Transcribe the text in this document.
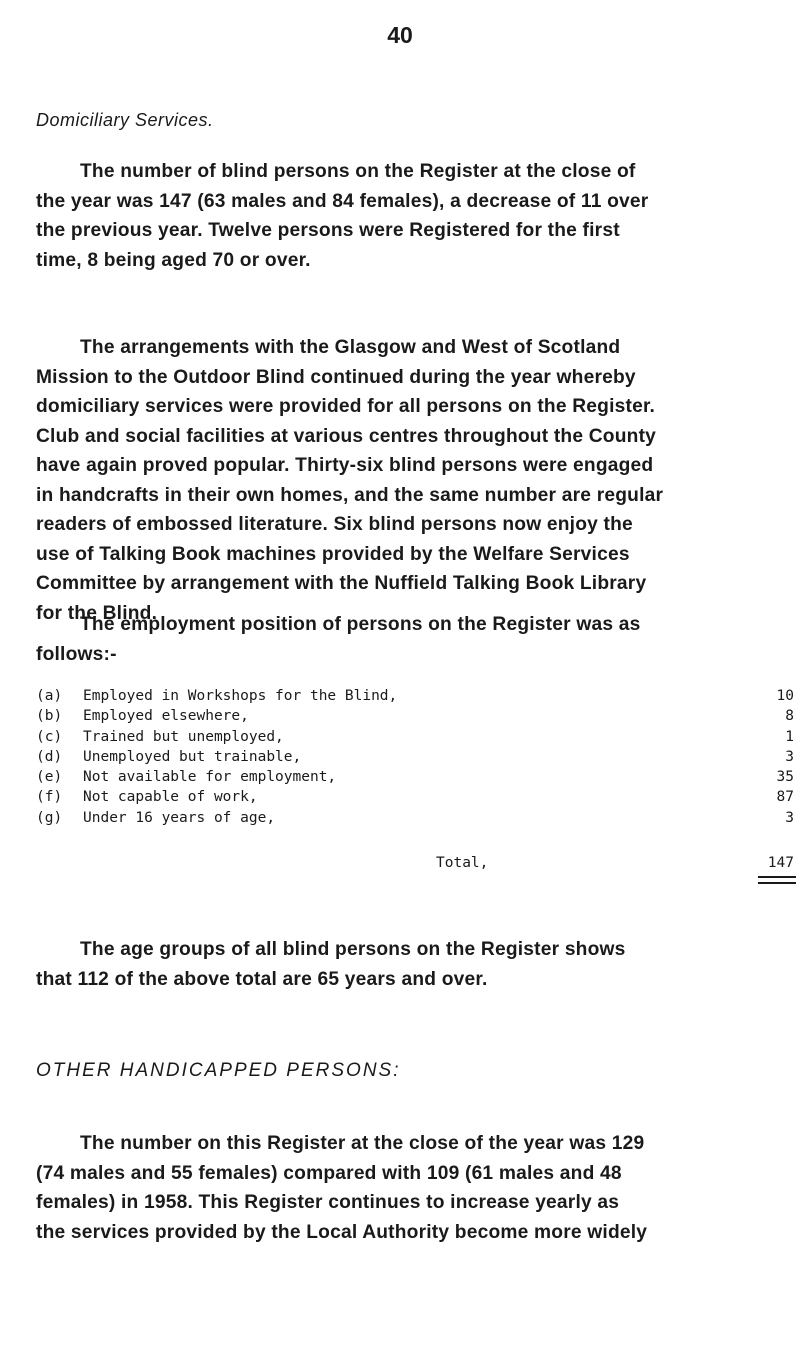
40
Domiciliary Services.
The number of blind persons on the Register at the close of
the year was 147 (63 males and 84 females), a decrease of 11 over
the previous year. Twelve persons were Registered for the first
time, 8 being aged 70 or over.
The arrangements with the Glasgow and West of Scotland
Mission to the Outdoor Blind continued during the year whereby
domiciliary services were provided for all persons on the Register.
Club and social facilities at various centres throughout the County
have again proved popular. Thirty-six blind persons were engaged
in handcrafts in their own homes, and the same number are regular
readers of embossed literature. Six blind persons now enjoy the
use of Talking Book machines provided by the Welfare Services
Committee by arrangement with the Nuffield Talking Book Library
for the Blind.
The employment position of persons on the Register was as
follows:-
(a) Employed in Workshops for the Blind,	10
(b) Employed elsewhere,	8
(c) Trained but unemployed,	1
(d) Unemployed but trainable,	3
(e) Not available for employment,	35
(f) Not capable of work,	87
(g) Under 16 years of age,	3
Total,	147
The age groups of all blind persons on the Register shows
that 112 of the above total are 65 years and over.
OTHER HANDICAPPED PERSONS:
The number on this Register at the close of the year was 129
(74 males and 55 females) compared with 109 (61 males and 48
females) in 1958. This Register continues to increase yearly as
the services provided by the Local Authority become more widely
